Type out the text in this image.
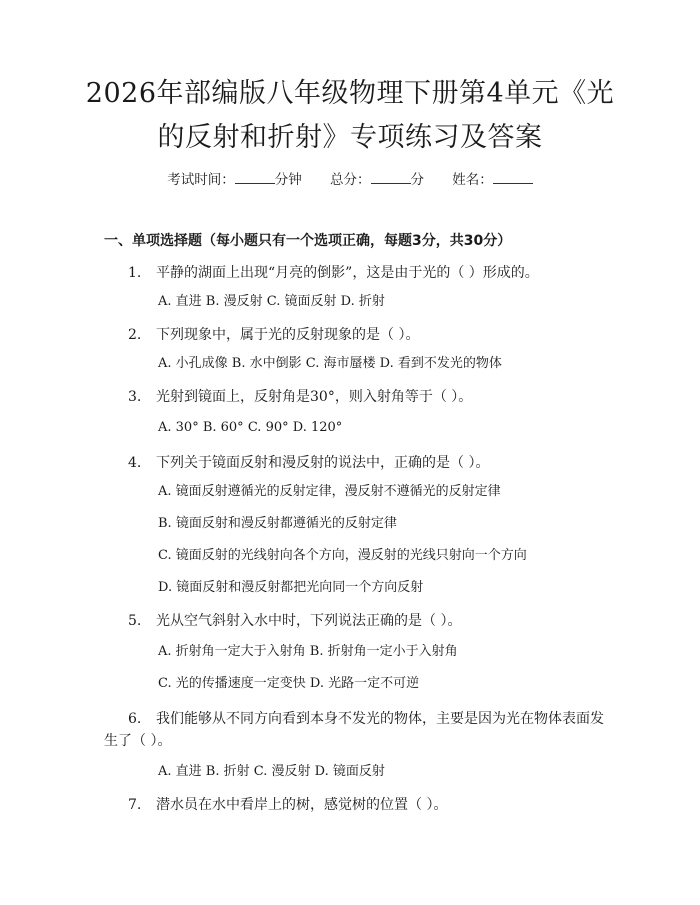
2026年部编版八年级物理下册第4单元《光
的反射和折射》专项练习及答案
考试时间：	分钟 总分：	分 姓名：
一、单项选择题（每小题只有一个选项正确，每题3分，共30分）
1. 平静的湖面上出现“月亮的倒影”，这是由于光的（ ）形成的。
A. 直进 B. 漫反射 C. 镜面反射 D. 折射
2. 下列现象中，属于光的反射现象的是（ ）。
A. 小孔成像 B. 水中倒影 C. 海市蜃楼 D. 看到不发光的物体
3. 光射到镜面上，反射角是30°，则入射角等于（ ）。
A. 30° B. 60° C. 90° D. 120°
4. 下列关于镜面反射和漫反射的说法中，正确的是（ ）。
A. 镜面反射遵循光的反射定律，漫反射不遵循光的反射定律
B. 镜面反射和漫反射都遵循光的反射定律
C. 镜面反射的光线射向各个方向，漫反射的光线只射向一个方向
D. 镜面反射和漫反射都把光向同一个方向反射
5. 光从空气斜射入水中时，下列说法正确的是（ ）。
A. 折射角一定大于入射角 B. 折射角一定小于入射角
C. 光的传播速度一定变快 D. 光路一定不可逆
6. 我们能够从不同方向看到本身不发光的物体，主要是因为光在物体表面发
生了（ ）。
A. 直进 B. 折射 C. 漫反射 D. 镜面反射
7. 潜水员在水中看岸上的树，感觉树的位置（ ）。
